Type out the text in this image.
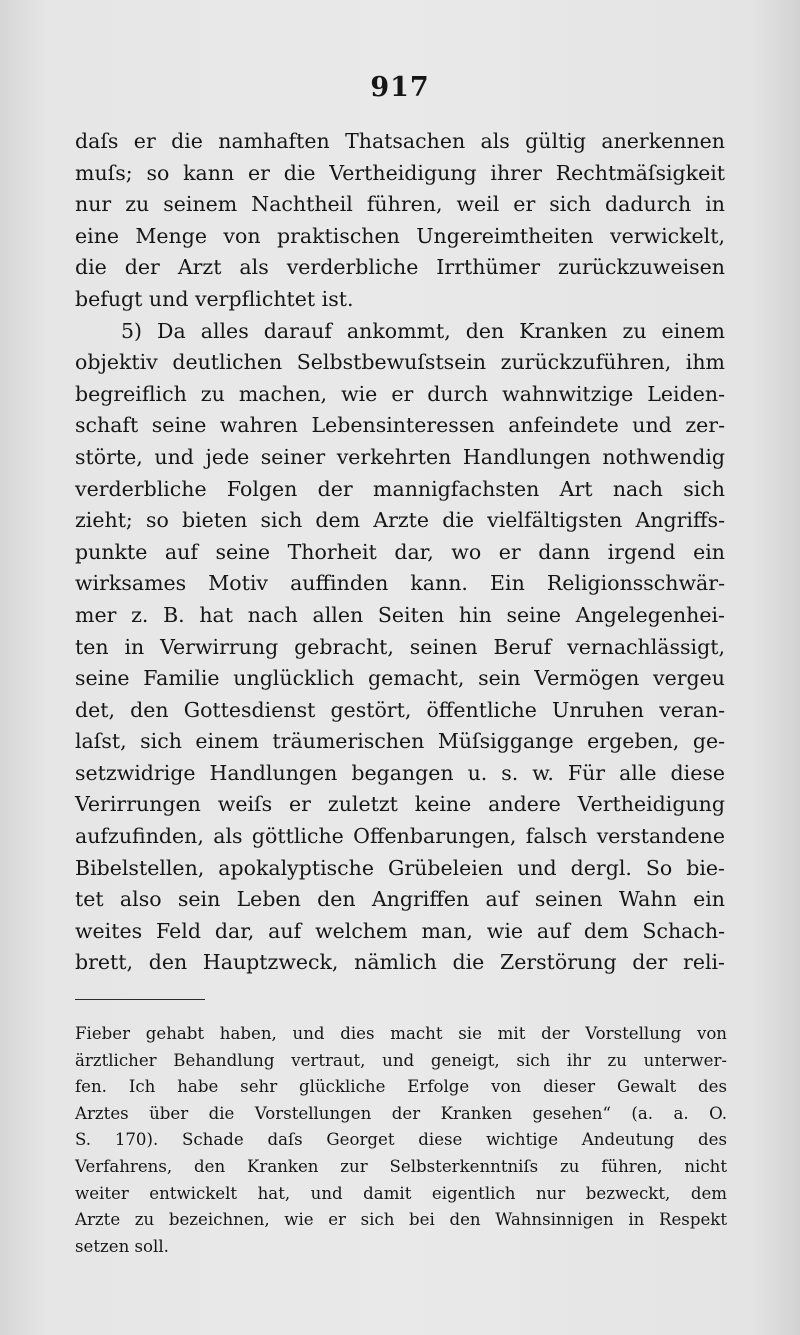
917
daſs er die namhaften Thatsachen als gültig anerkennen
muſs; so kann er die Vertheidigung ihrer Rechtmäſsigkeit
nur zu seinem Nachtheil führen, weil er sich dadurch in
eine Menge von praktischen Ungereimtheiten verwickelt,
die der Arzt als verderbliche Irrthümer zurückzuweisen
befugt und verpflichtet ist.
5) Da alles darauf ankommt, den Kranken zu einem
objektiv deutlichen Selbstbewuſstsein zurückzuführen, ihm
begreiflich zu machen, wie er durch wahnwitzige Leiden-
schaft seine wahren Lebensinteressen anfeindete und zer-
störte, und jede seiner verkehrten Handlungen nothwendig
verderbliche Folgen der mannigfachsten Art nach sich
zieht; so bieten sich dem Arzte die vielfältigsten Angriffs-
punkte auf seine Thorheit dar, wo er dann irgend ein
wirksames Motiv auffinden kann. Ein Religionsschwär-
mer z. B. hat nach allen Seiten hin seine Angelegenhei-
ten in Verwirrung gebracht, seinen Beruf vernachlässigt,
seine Familie unglücklich gemacht, sein Vermögen vergeu
det, den Gottesdienst gestört, öffentliche Unruhen veran-
laſst, sich einem träumerischen Müſsiggange ergeben, ge-
setzwidrige Handlungen begangen u. s. w. Für alle diese
Verirrungen weiſs er zuletzt keine andere Vertheidigung
aufzufinden, als göttliche Offenbarungen, falsch verstandene
Bibelstellen, apokalyptische Grübeleien und dergl. So bie-
tet also sein Leben den Angriffen auf seinen Wahn ein
weites Feld dar, auf welchem man, wie auf dem Schach-
brett, den Hauptzweck, nämlich die Zerstörung der reli-
Fieber gehabt haben, und dies macht sie mit der Vorstellung von
ärztlicher Behandlung vertraut, und geneigt, sich ihr zu unterwer-
fen. Ich habe sehr glückliche Erfolge von dieser Gewalt des
Arztes über die Vorstellungen der Kranken gesehen“ (a. a. O.
S. 170). Schade daſs Georget diese wichtige Andeutung des
Verfahrens, den Kranken zur Selbsterkenntniſs zu führen, nicht
weiter entwickelt hat, und damit eigentlich nur bezweckt, dem
Arzte zu bezeichnen, wie er sich bei den Wahnsinnigen in Respekt
setzen soll.
